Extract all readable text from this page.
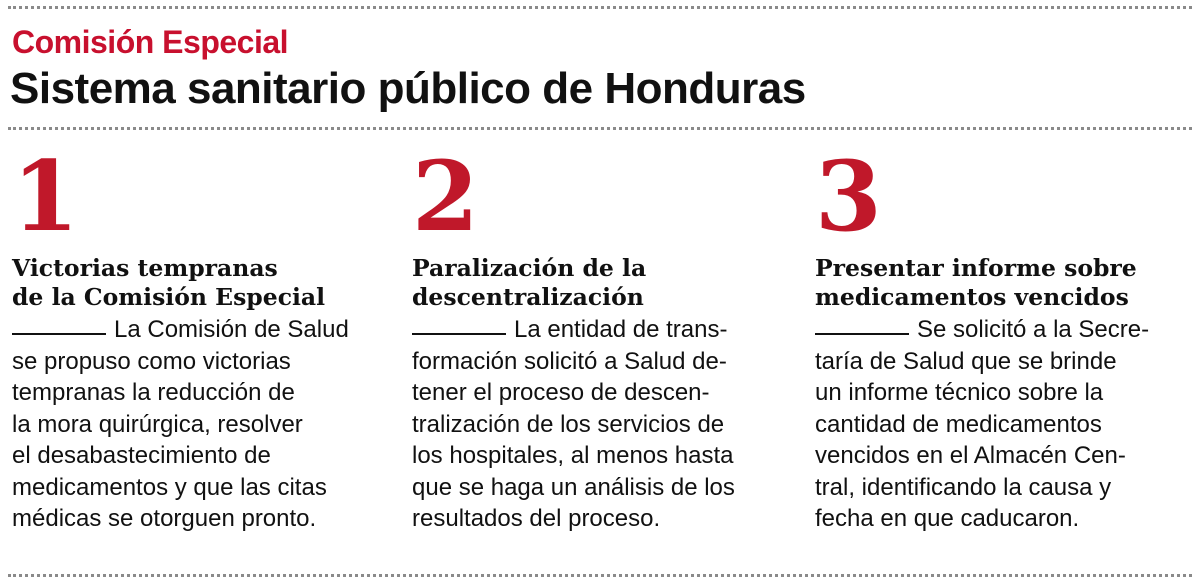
Comisión Especial
Sistema sanitario público de Honduras
1
Victorias tempranas
de la Comisión Especial
La Comisión de Salud
se propuso como victorias
tempranas la reducción de
la mora quirúrgica, resolver
el desabastecimiento de
medicamentos y que las citas
médicas se otorguen pronto.
2
Paralización de la
descentralización
La entidad de trans-
formación solicitó a Salud de-
tener el proceso de descen-
tralización de los servicios de
los hospitales, al menos hasta
que se haga un análisis de los
resultados del proceso.
3
Presentar informe sobre
medicamentos vencidos
Se solicitó a la Secre-
taría de Salud que se brinde
un informe técnico sobre la
cantidad de medicamentos
vencidos en el Almacén Cen-
tral, identificando la causa y
fecha en que caducaron.
